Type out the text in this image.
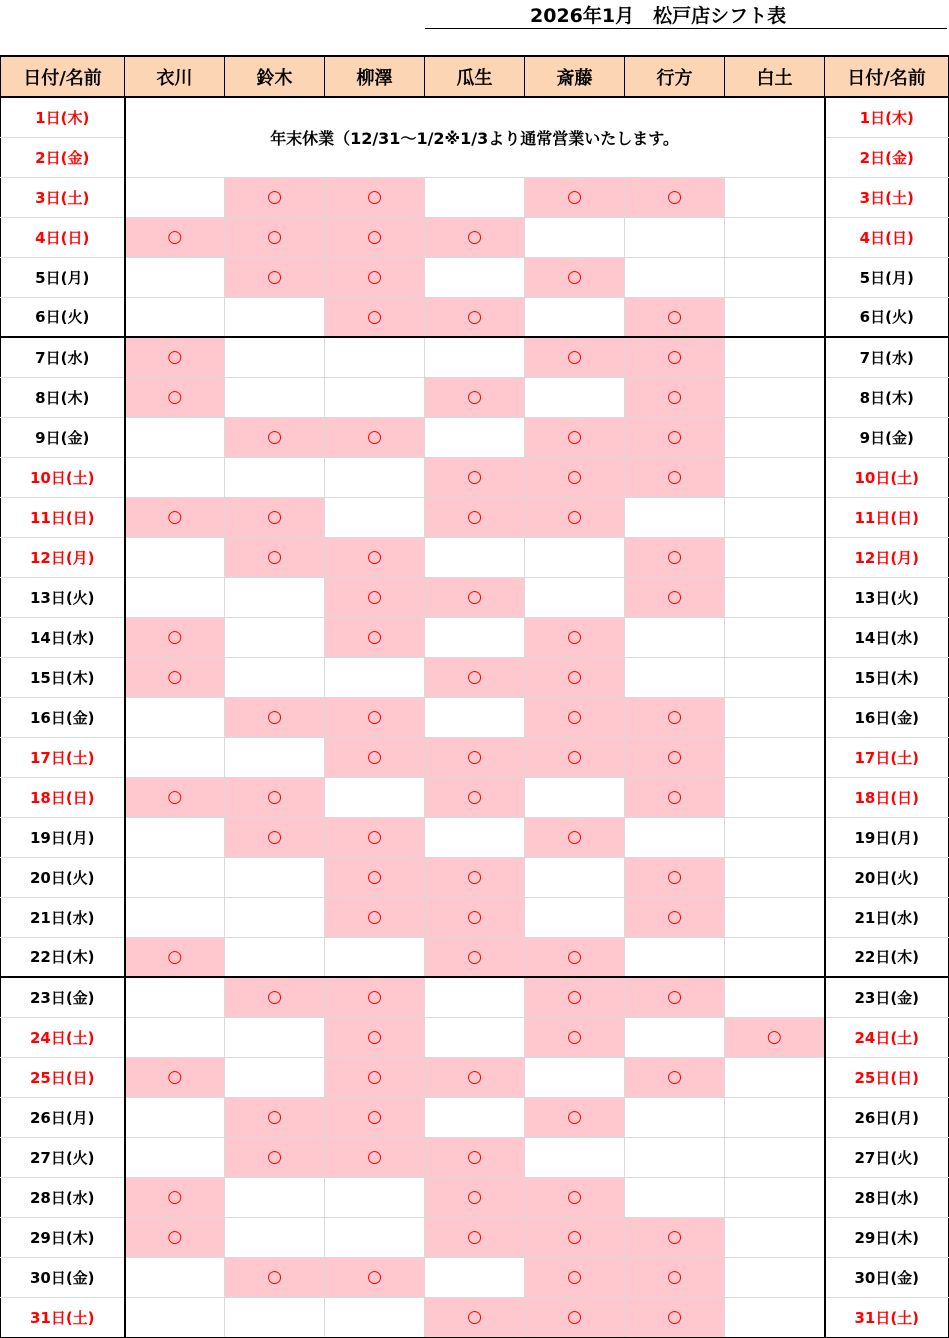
2026年1月　松戸店シフト表
日付/名前	衣川	鈴木	柳澤	瓜生	斎藤	行方	白土	日付/名前
1日(木)	年末休業（12/31～1/2※1/3より通常営業いたします。							1日(木)
2日(金)								2日(金)
3日(土)		○	○		○	○		3日(土)
4日(日)	○	○	○	○				4日(日)
5日(月)		○	○		○			5日(月)
6日(火)			○	○		○		6日(火)
7日(水)	○				○	○		7日(水)
8日(木)	○			○		○		8日(木)
9日(金)		○	○		○	○		9日(金)
10日(土)				○	○	○		10日(土)
11日(日)	○	○		○	○			11日(日)
12日(月)		○	○			○		12日(月)
13日(火)			○	○		○		13日(火)
14日(水)	○		○		○			14日(水)
15日(木)	○			○	○			15日(木)
16日(金)		○	○		○	○		16日(金)
17日(土)			○	○	○	○		17日(土)
18日(日)	○	○		○		○		18日(日)
19日(月)		○	○		○			19日(月)
20日(火)			○	○		○		20日(火)
21日(水)			○	○		○		21日(水)
22日(木)	○			○	○			22日(木)
23日(金)		○	○		○	○		23日(金)
24日(土)			○		○		○	24日(土)
25日(日)	○		○	○		○		25日(日)
26日(月)		○	○		○			26日(月)
27日(火)		○	○	○				27日(火)
28日(水)	○			○	○			28日(水)
29日(木)	○			○	○	○		29日(木)
30日(金)		○	○		○	○		30日(金)
31日(土)				○	○	○		31日(土)
